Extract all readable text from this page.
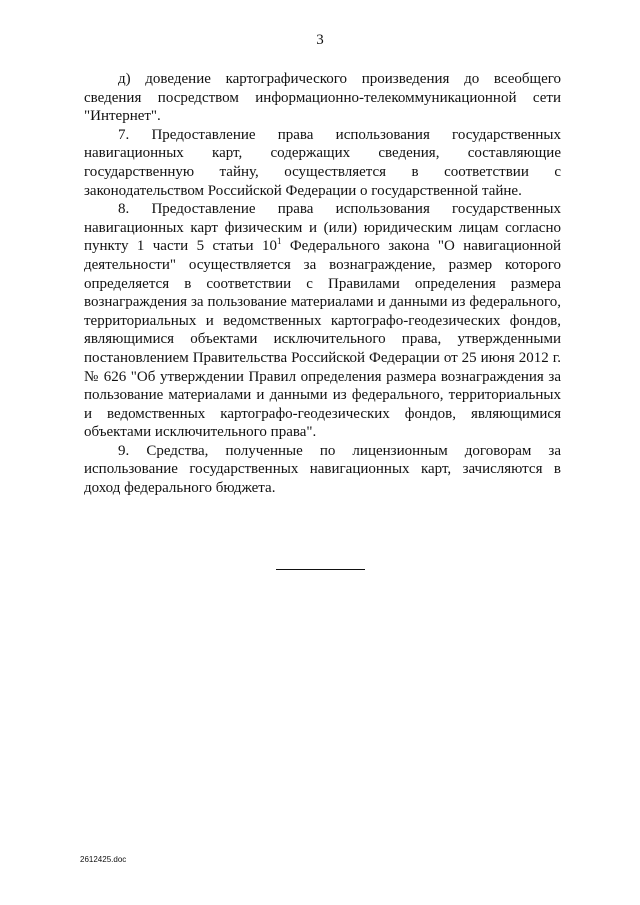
3

д) доведение картографического произведения до всеобщего сведения посредством информационно-телекоммуникационной сети "Интернет".

7. Предоставление права использования государственных навигационных карт, содержащих сведения, составляющие государственную тайну, осуществляется в соответствии с законодательством Российской Федерации о государственной тайне.

8. Предоставление права использования государственных навигационных карт физическим и (или) юридическим лицам согласно пункту 1 части 5 статьи $10^1$ Федерального закона "О навигационной деятельности" осуществляется за вознаграждение, размер которого определяется в соответствии с Правилами определения размера вознаграждения за пользование материалами и данными из федерального, территориальных и ведомственных картографо-геодезических фондов, являющимися объектами исключительного права, утвержденными постановлением Правительства Российской Федерации от 25 июня 2012 г. № 626 "Об утверждении Правил определения размера вознаграждения за пользование материалами и данными из федерального, территориальных и ведомственных картографо-геодезических фондов, являющимися объектами исключительного права".

9. Средства, полученные по лицензионным договорам за использование государственных навигационных карт, зачисляются в доход федерального бюджета.

2612425.doc
